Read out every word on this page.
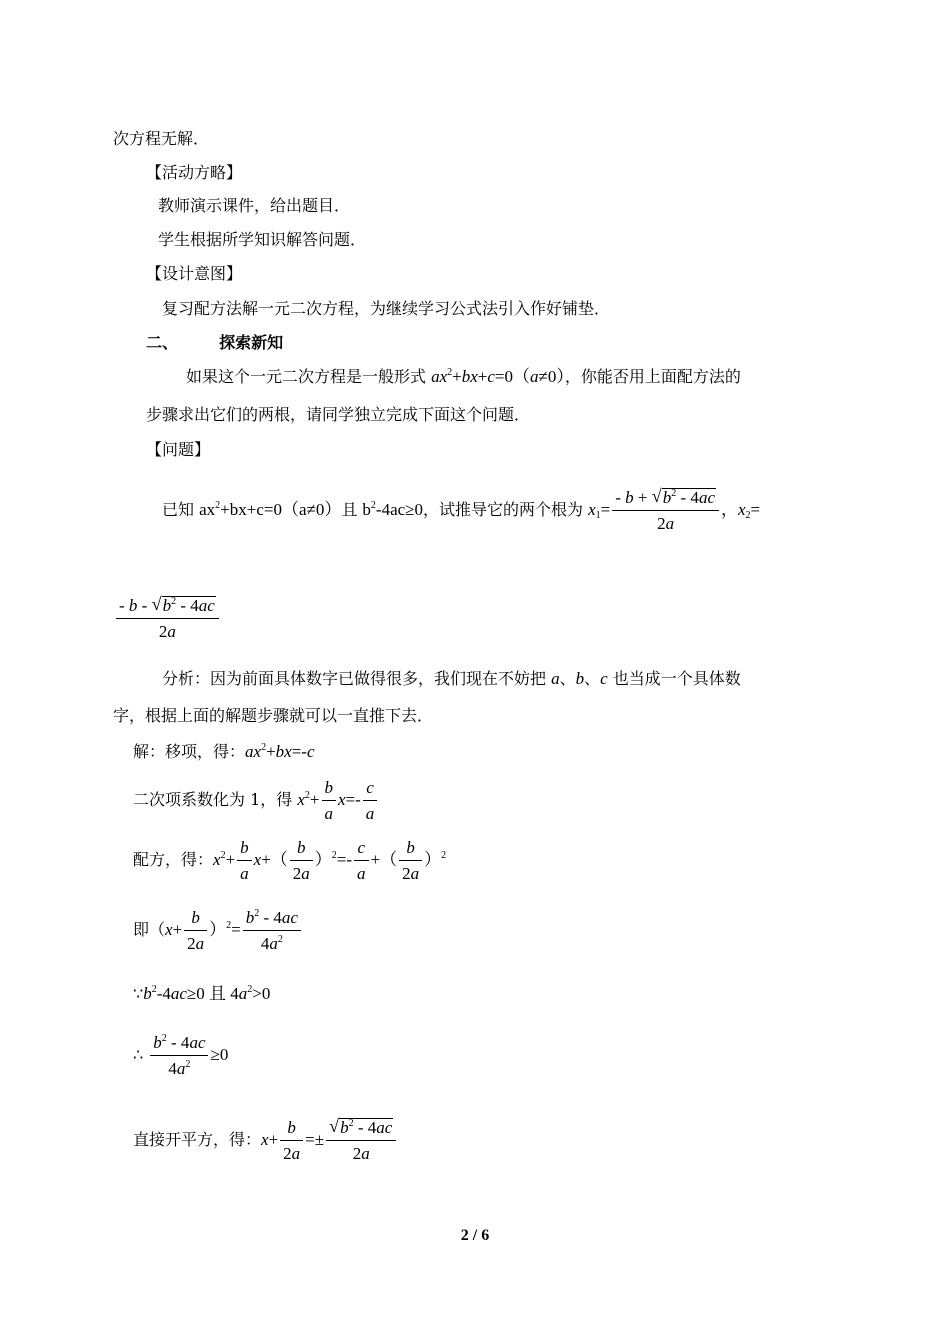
次方程无解．
【活动方略】
教师演示课件，给出题目．
学生根据所学知识解答问题．
【设计意图】
复习配方法解一元二次方程，为继续学习公式法引入作好铺垫．
二、	探索新知
如果这个一元二次方程是一般形式 $ax^2+bx+c=0(a\ne 0)$，你能否用上面配方法的
步骤求出它们的两根，请同学独立完成下面这个问题．
【问题】
已知 $ax^2+bx+c=0(a\ne 0)$且 $b^2-4ac\ge 0$，试推导它的两个根为 $x_1= \frac{- b + √ b^2 - 4ac}{2a}$ ，$x_2=$
$\frac{- b - √ b^2 - 4ac}{2a}$
分析：因为前面具体数字已做得很多，我们现在不妨把 a、b、c 也当成一个具体数
字，根据上面的解题步骤就可以一直推下去．
解：移项，得：$ax^2+bx=-c$
二次项系数化为 1，得 $x^2+ \frac{b}{a} x=- \frac{c}{a}$
配方，得：$x^2+ \frac{b}{a} x+( \frac{b}{2a} )^2=- \frac{c}{a}$ +（ $\frac{b}{2a} )^2$
即$(x+ \frac{b}{2a} )^2= \frac{b^2 - 4ac}{4a^2}$
$\because b^2-4ac\ge 0$ 且 $4a^2>0$
∴ $\frac{b^2 - 4ac}{4a^2} \ge 0$
直接开平方，得：$x+ \frac{b}{2a} =\pm \frac{√ b^2 - 4ac}{2a}$
2 / 6
